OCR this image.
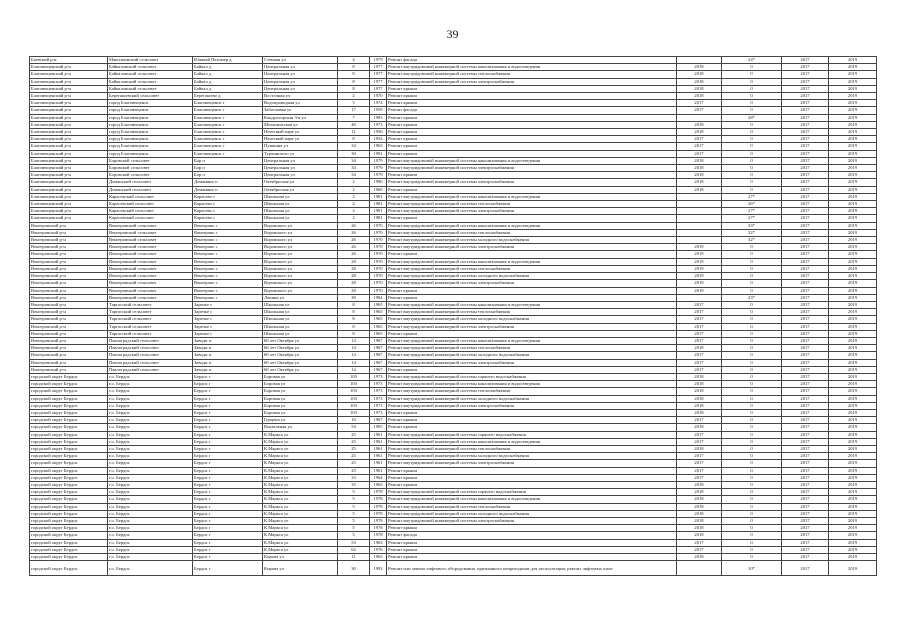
39
Баевский р-н	Максимовский сельсовет	Южный Пахомер д	Степная ул	4	1979	Ремонт фасада		24*	2017	2019
Благовещенский р-н	Байкаловский сельсовет	Байкал д	Центральная ул	8	1977	Ремонт внутридомовой инженерной системы канализования и водоотведения	2018	0	2017	2019
Благовещенский р-н	Байкаловский сельсовет	Байкал д	Центральная ул	8	1977	Ремонт внутридомовой инженерной системы теплоснабжения	2018	0	2017	2019
Благовещенский р-н	Байкаловский сельсовет	Байкал д	Центральная ул	8	1977	Ремонт внутридомовой инженерной системы электроснабжения	2018	0	2017	2019
Благовещенский р-н	Байкаловский сельсовет	Байкал д	Центральная ул	8	1977	Ремонт крыши	2018	0	2017	2019
Благовещенский р-н	Берегашевский сельсовет	Берегашево д	Восточная ул	2	1970	Ремонт крыши	2018	0	2017	2019
Благовещенский р-н	город Благовещенск	Благовещенск г	Водопроводная ул	3	1974	Ремонт крыши	2017	0	2017	2019
Благовещенский р-н	город Благовещенск	Благовещенск г	Заботливая ул	17	1958	Ремонт фасада	2017	0	2017	2019
Благовещенский р-н	город Благовещенск	Благовещенск г	Кондукторская 3-я ул	7	1983	Ремонт крыши		28*	2017	2019
Благовещенский р-н	город Благовещенск	Благовещенск г	Механическая ул	46	1973	Ремонт крыши	2018	0	2017	2019
Благовещенский р-н	город Благовещенск	Благовещенск г	Нечетный парк ул	11	1956	Ремонт крыши	2018	0	2017	2019
Благовещенский р-н	город Благовещенск	Благовещенск г	Нечетный парк ул	8	1954	Ремонт крыши	2017	0	2017	2019
Благовещенский р-н	город Благовещенск	Благовещенск г	Пушкина ул	34	1963	Ремонт крыши	2017	0	2017	2019
Благовещенский р-н	город Благовещенск	Благовещенск г	Турчинского ул	30	1991	Ремонт крыши	2017	0	2017	2019
Благовещенский р-н	Боровской сельсовет	Бор п	Центральная ул	34	1979	Ремонт внутридомовой инженерной системы канализования и водоотведения	2018	0	2017	2019
Благовещенский р-н	Боровской сельсовет	Бор п	Центральная ул	34	1979	Ремонт внутридомовой инженерной системы электроснабжения	2018	0	2017	2019
Благовещенский р-н	Боровской сельсовет	Бор п	Центральная ул	34	1979	Ремонт крыши	2018	0	2017	2019
Благовещенский р-н	Доманский сельсовет	Доманино п	Октябрьская ул	2	1990	Ремонт внутридомовой инженерной системы электроснабжения	2018	0	2017	2019
Благовещенский р-н	Доманский сельсовет	Доманино п	Октябрьская ул	2	1960	Ремонт крыши	2018	0	2017	2019
Благовещенский р-н	Карасевский сельсовет	Карасево с	Школьная ул	2	1981	Ремонт внутридомовой инженерной системы канализования и водоотведения		27*	2017	2019
Благовещенский р-н	Карасевский сельсовет	Карасево с	Школьная ул	2	1981	Ремонт внутридомовой инженерной системы теплоснабжения		26*	2017	2019
Благовещенский р-н	Карасевский сельсовет	Карасево с	Школьная ул	2	1981	Ремонт внутридомовой инженерной системы электроснабжения		27*	2017	2019
Благовещенский р-н	Карасевский сельсовет	Карасево с	Школьная ул	2	1981	Ремонт крыши		27*	2017	2019
Венгеровский р-н	Венгеровский сельсовет	Венгерово с	Воровского ул	26	1970	Ремонт внутридомовой инженерной системы канализования и водоотведения		33*	2017	2019
Венгеровский р-н	Венгеровский сельсовет	Венгерово с	Воровского ул	26	1970	Ремонт внутридомовой инженерной системы теплоснабжения		32*	2017	2019
Венгеровский р-н	Венгеровский сельсовет	Венгерово с	Воровского ул	26	1970	Ремонт внутридомовой инженерной системы холодного водоснабжения		32*	2017	2019
Венгеровский р-н	Венгеровский сельсовет	Венгерово с	Воровского ул	26	1970	Ремонт внутридомовой инженерной системы электроснабжения	2019	0	2017	2019
Венгеровский р-н	Венгеровский сельсовет	Венгерово с	Воровского ул	26	1970	Ремонт крыши	2019	0	2017	2019
Венгеровский р-н	Венгеровский сельсовет	Венгерово с	Воровского ул	28	1970	Ремонт внутридомовой инженерной системы канализования и водоотведения	2019	0	2017	2019
Венгеровский р-н	Венгеровский сельсовет	Венгерово с	Воровского ул	28	1970	Ремонт внутридомовой инженерной системы теплоснабжения	2019	0	2017	2019
Венгеровский р-н	Венгеровский сельсовет	Венгерово с	Воровского ул	28	1970	Ремонт внутридомовой инженерной системы холодного водоснабжения	2019	0	2017	2019
Венгеровский р-н	Венгеровский сельсовет	Венгерово с	Воровского ул	28	1970	Ремонт внутридомовой инженерной системы электроснабжения	2019	0	2017	2019
Венгеровский р-н	Венгеровский сельсовет	Венгерово с	Воровского ул	28	1970	Ремонт крыши	2019	0	2017	2019
Венгеровский р-н	Венгеровский сельсовет	Венгерово с	Ленина ул	30	1984	Ремонт крыши		23*	2017	2019
Венгеровский р-н	Таргасский сельсовет	Заречье с	Школьная ул	8	1965	Ремонт внутридомовой инженерной системы канализования и водоотведения	2017	0	2017	2019
Венгеровский р-н	Таргасский сельсовет	Заречье с	Школьная ул	8	1965	Ремонт внутридомовой инженерной системы теплоснабжения	2017	0	2017	2019
Венгеровский р-н	Таргасский сельсовет	Заречье с	Школьная ул	8	1965	Ремонт внутридомовой инженерной системы холодного водоснабжения	2017	0	2017	2019
Венгеровский р-н	Таргасский сельсовет	Заречье с	Школьная ул	8	1965	Ремонт внутридомовой инженерной системы электроснабжения	2017	0	2017	2019
Венгеровский р-н	Таргасский сельсовет	Заречье с	Школьная ул	8	1965	Ремонт крыши	2017	0	2017	2019
Венгеровский р-н	Павлоградский сельсовет	Заводи п	60 лет Октября ул	14	1967	Ремонт внутридомовой инженерной системы канализования и водоотведения	2017	0	2017	2019
Венгеровский р-н	Павлоградский сельсовет	Заводи п	60 лет Октября ул	14	1967	Ремонт внутридомовой инженерной системы теплоснабжения	2018	0	2017	2019
Венгеровский р-н	Павлоградский сельсовет	Заводи п	60 лет Октября ул	14	1967	Ремонт внутридомовой инженерной системы холодного водоснабжения	2017	0	2017	2019
Венгеровский р-н	Павлоградский сельсовет	Заводи п	60 лет Октября ул	14	1967	Ремонт внутридомовой инженерной системы электроснабжения	2017	0	2017	2019
Венгеровский р-н	Павлоградский сельсовет	Заводи п	60 лет Октября ул	14	1967	Ремонт крыши	2017	0	2017	2019
городской округ Бердск	г.о. Бердск	Бердск г	Боровая ул	103	1973	Ремонт внутридомовой инженерной системы горячего водоснабжения	2018	0	2017	2019
городской округ Бердск	г.о. Бердск	Бердск г	Боровая ул	103	1973	Ремонт внутридомовой инженерной системы канализования и водоотведения	2018	0	2017	2019
городской округ Бердск	г.о. Бердск	Бердск г	Боровая ул	103	1973	Ремонт внутридомовой инженерной системы теплоснабжения	2018	0	2017	2019
городской округ Бердск	г.о. Бердск	Бердск г	Боровая ул	103	1973	Ремонт внутридомовой инженерной системы холодного водоснабжения	2018	0	2017	2019
городской округ Бердск	г.о. Бердск	Бердск г	Боровая ул	103	1973	Ремонт внутридомовой инженерной системы электроснабжения	2018	0	2017	2019
городской округ Бердск	г.о. Бердск	Бердск г	Боровая ул	103	1973	Ремонт крыши	2018	0	2017	2019
городской округ Бердск	г.о. Бердск	Бердск г	Герцена ул	10	1967	Ремонт крыши	2017	0	2017	2019
городской округ Бердск	г.о. Бердск	Бердск г	Вокзальная ул	54	1985	Ремонт крыши	2018	0	2017	2019
городской округ Бердск	г.о. Бердск	Бердск г	К.Маркса ул	25	1961	Ремонт внутридомовой инженерной системы горячего водоснабжения	2017	0	2017	2019
городской округ Бердск	г.о. Бердск	Бердск г	К.Маркса ул	25	1961	Ремонт внутридомовой инженерной системы канализования и водоотведения	2017	0	2017	2019
городской округ Бердск	г.о. Бердск	Бердск г	К.Маркса ул	25	1961	Ремонт внутридомовой инженерной системы теплоснабжения	2018	0	2017	2019
городской округ Бердск	г.о. Бердск	Бердск г	К.Маркса ул	25	1961	Ремонт внутридомовой инженерной системы холодного водоснабжения	2017	0	2017	2019
городской округ Бердск	г.о. Бердск	Бердск г	К.Маркса ул	25	1961	Ремонт внутридомовой инженерной системы электроснабжения	2017	0	2017	2019
городской округ Бердск	г.о. Бердск	Бердск г	К.Маркса ул	25	1961	Ремонт крыши	2017	0	2017	2019
городской округ Бердск	г.о. Бердск	Бердск г	К.Маркса ул	33	1964	Ремонт крыши	2017	0	2017	2019
городской округ Бердск	г.о. Бердск	Бердск г	К.Маркса ул	35	1963	Ремонт крыши	2018	0	2017	2019
городской округ Бердск	г.о. Бердск	Бердск г	К.Маркса ул	5	1978	Ремонт внутридомовой инженерной системы горячего водоснабжения	2018	0	2017	2019
городской округ Бердск	г.о. Бердск	Бердск г	К.Маркса ул	5	1978	Ремонт внутридомовой инженерной системы канализования и водоотведения	2018	0	2017	2019
городской округ Бердск	г.о. Бердск	Бердск г	К.Маркса ул	5	1978	Ремонт внутридомовой инженерной системы теплоснабжения	2018	0	2017	2019
городской округ Бердск	г.о. Бердск	Бердск г	К.Маркса ул	5	1978	Ремонт внутридомовой инженерной системы холодного водоснабжения	2018	0	2017	2019
городской округ Бердск	г.о. Бердск	Бердск г	К.Маркса ул	5	1978	Ремонт внутридомовой инженерной системы электроснабжения	2018	0	2017	2019
городской округ Бердск	г.о. Бердск	Бердск г	К.Маркса ул	5	1978	Ремонт крыши	2018	0	2017	2019
городской округ Бердск	г.о. Бердск	Бердск г	К.Маркса ул	5	1978	Ремонт фасада	2018	0	2017	2019
городской округ Бердск	г.о. Бердск	Бердск г	К.Маркса ул	53	1963	Ремонт крыши	2017	0	2017	2019
городской округ Бердск	г.о. Бердск	Бердск г	К.Маркса ул	62	1976	Ремонт крыши	2017	0	2017	2019
городской округ Бердск	г.о. Бердск	Бердск г	Кирова ул	11	1963	Ремонт крыши	2018	0	2017	2019
городской округ Бердск	г.о. Бердск	Бердск г	Кирова ул	30	1993	Ремонт или замена лифтового оборудования, признанного непригодным для эксплуатации, ремонт лифтовых шахт		10*	2017	2019
